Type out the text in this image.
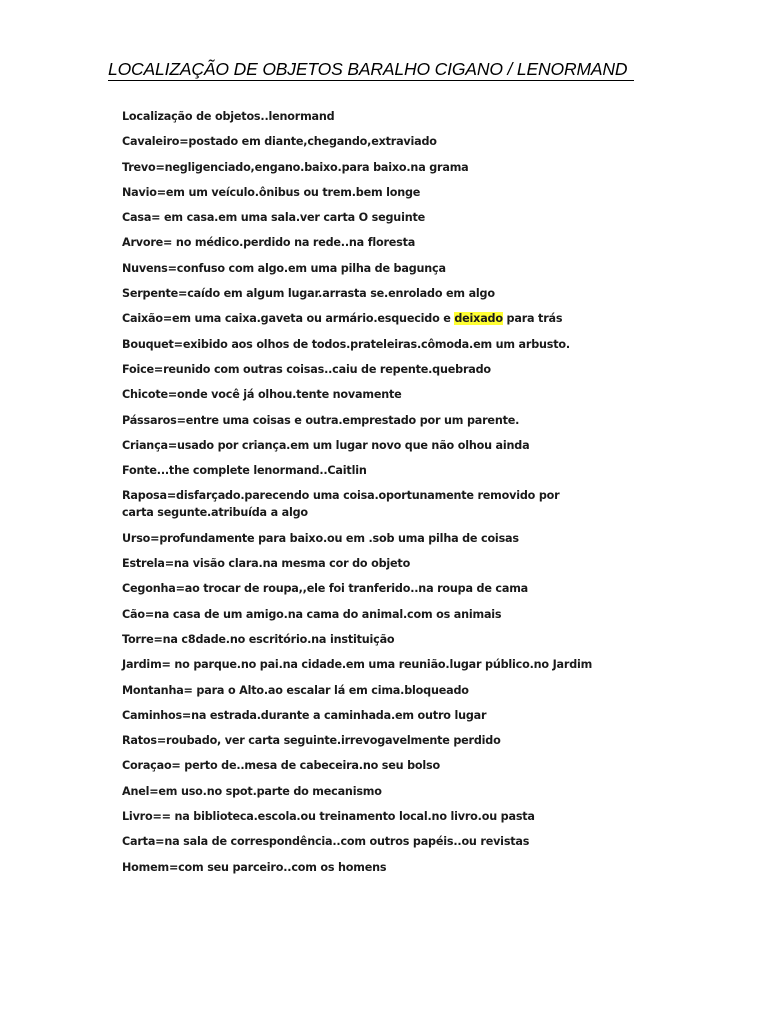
LOCALIZAÇÃO DE OBJETOS BARALHO CIGANO / LENORMAND
Localização de objetos..lenormand
Cavaleiro=postado em diante,chegando,extraviado
Trevo=negligenciado,engano.baixo.para baixo.na grama
Navio=em um veículo.ônibus ou trem.bem longe
Casa= em casa.em uma sala.ver carta O seguinte
Arvore= no médico.perdido na rede..na floresta
Nuvens=confuso com algo.em uma pilha de bagunça
Serpente=caído em algum lugar.arrasta se.enrolado em algo
Caixão=em uma caixa.gaveta ou armário.esquecido e deixado para trás
Bouquet=exibido aos olhos de todos.prateleiras.cômoda.em um arbusto.
Foice=reunido com outras coisas..caiu de repente.quebrado
Chicote=onde você já olhou.tente novamente
Pássaros=entre uma coisas e outra.emprestado por um parente.
Criança=usado por criança.em um lugar novo que não olhou ainda
Fonte...the complete lenormand..Caitlin
Raposa=disfarçado.parecendo uma coisa.oportunamente removido por carta segunte.atribuída a algo
Urso=profundamente para baixo.ou em .sob uma pilha de coisas
Estrela=na visão clara.na mesma cor do objeto
Cegonha=ao trocar de roupa,,ele foi tranferido..na roupa de cama
Cão=na casa de um amigo.na cama do animal.com os animais
Torre=na c8dade.no escritório.na instituição
Jardim= no parque.no pai.na cidade.em uma reunião.lugar público.no Jardim
Montanha= para o Alto.ao escalar lá em cima.bloqueado
Caminhos=na estrada.durante a caminhada.em outro lugar
Ratos=roubado, ver carta seguinte.irrevogavelmente perdido
Coraçao= perto de..mesa de cabeceira.no seu bolso
Anel=em uso.no spot.parte do mecanismo
Livro== na biblioteca.escola.ou treinamento local.no livro.ou pasta
Carta=na sala de correspondência..com outros papéis..ou revistas
Homem=com seu parceiro..com os homens
